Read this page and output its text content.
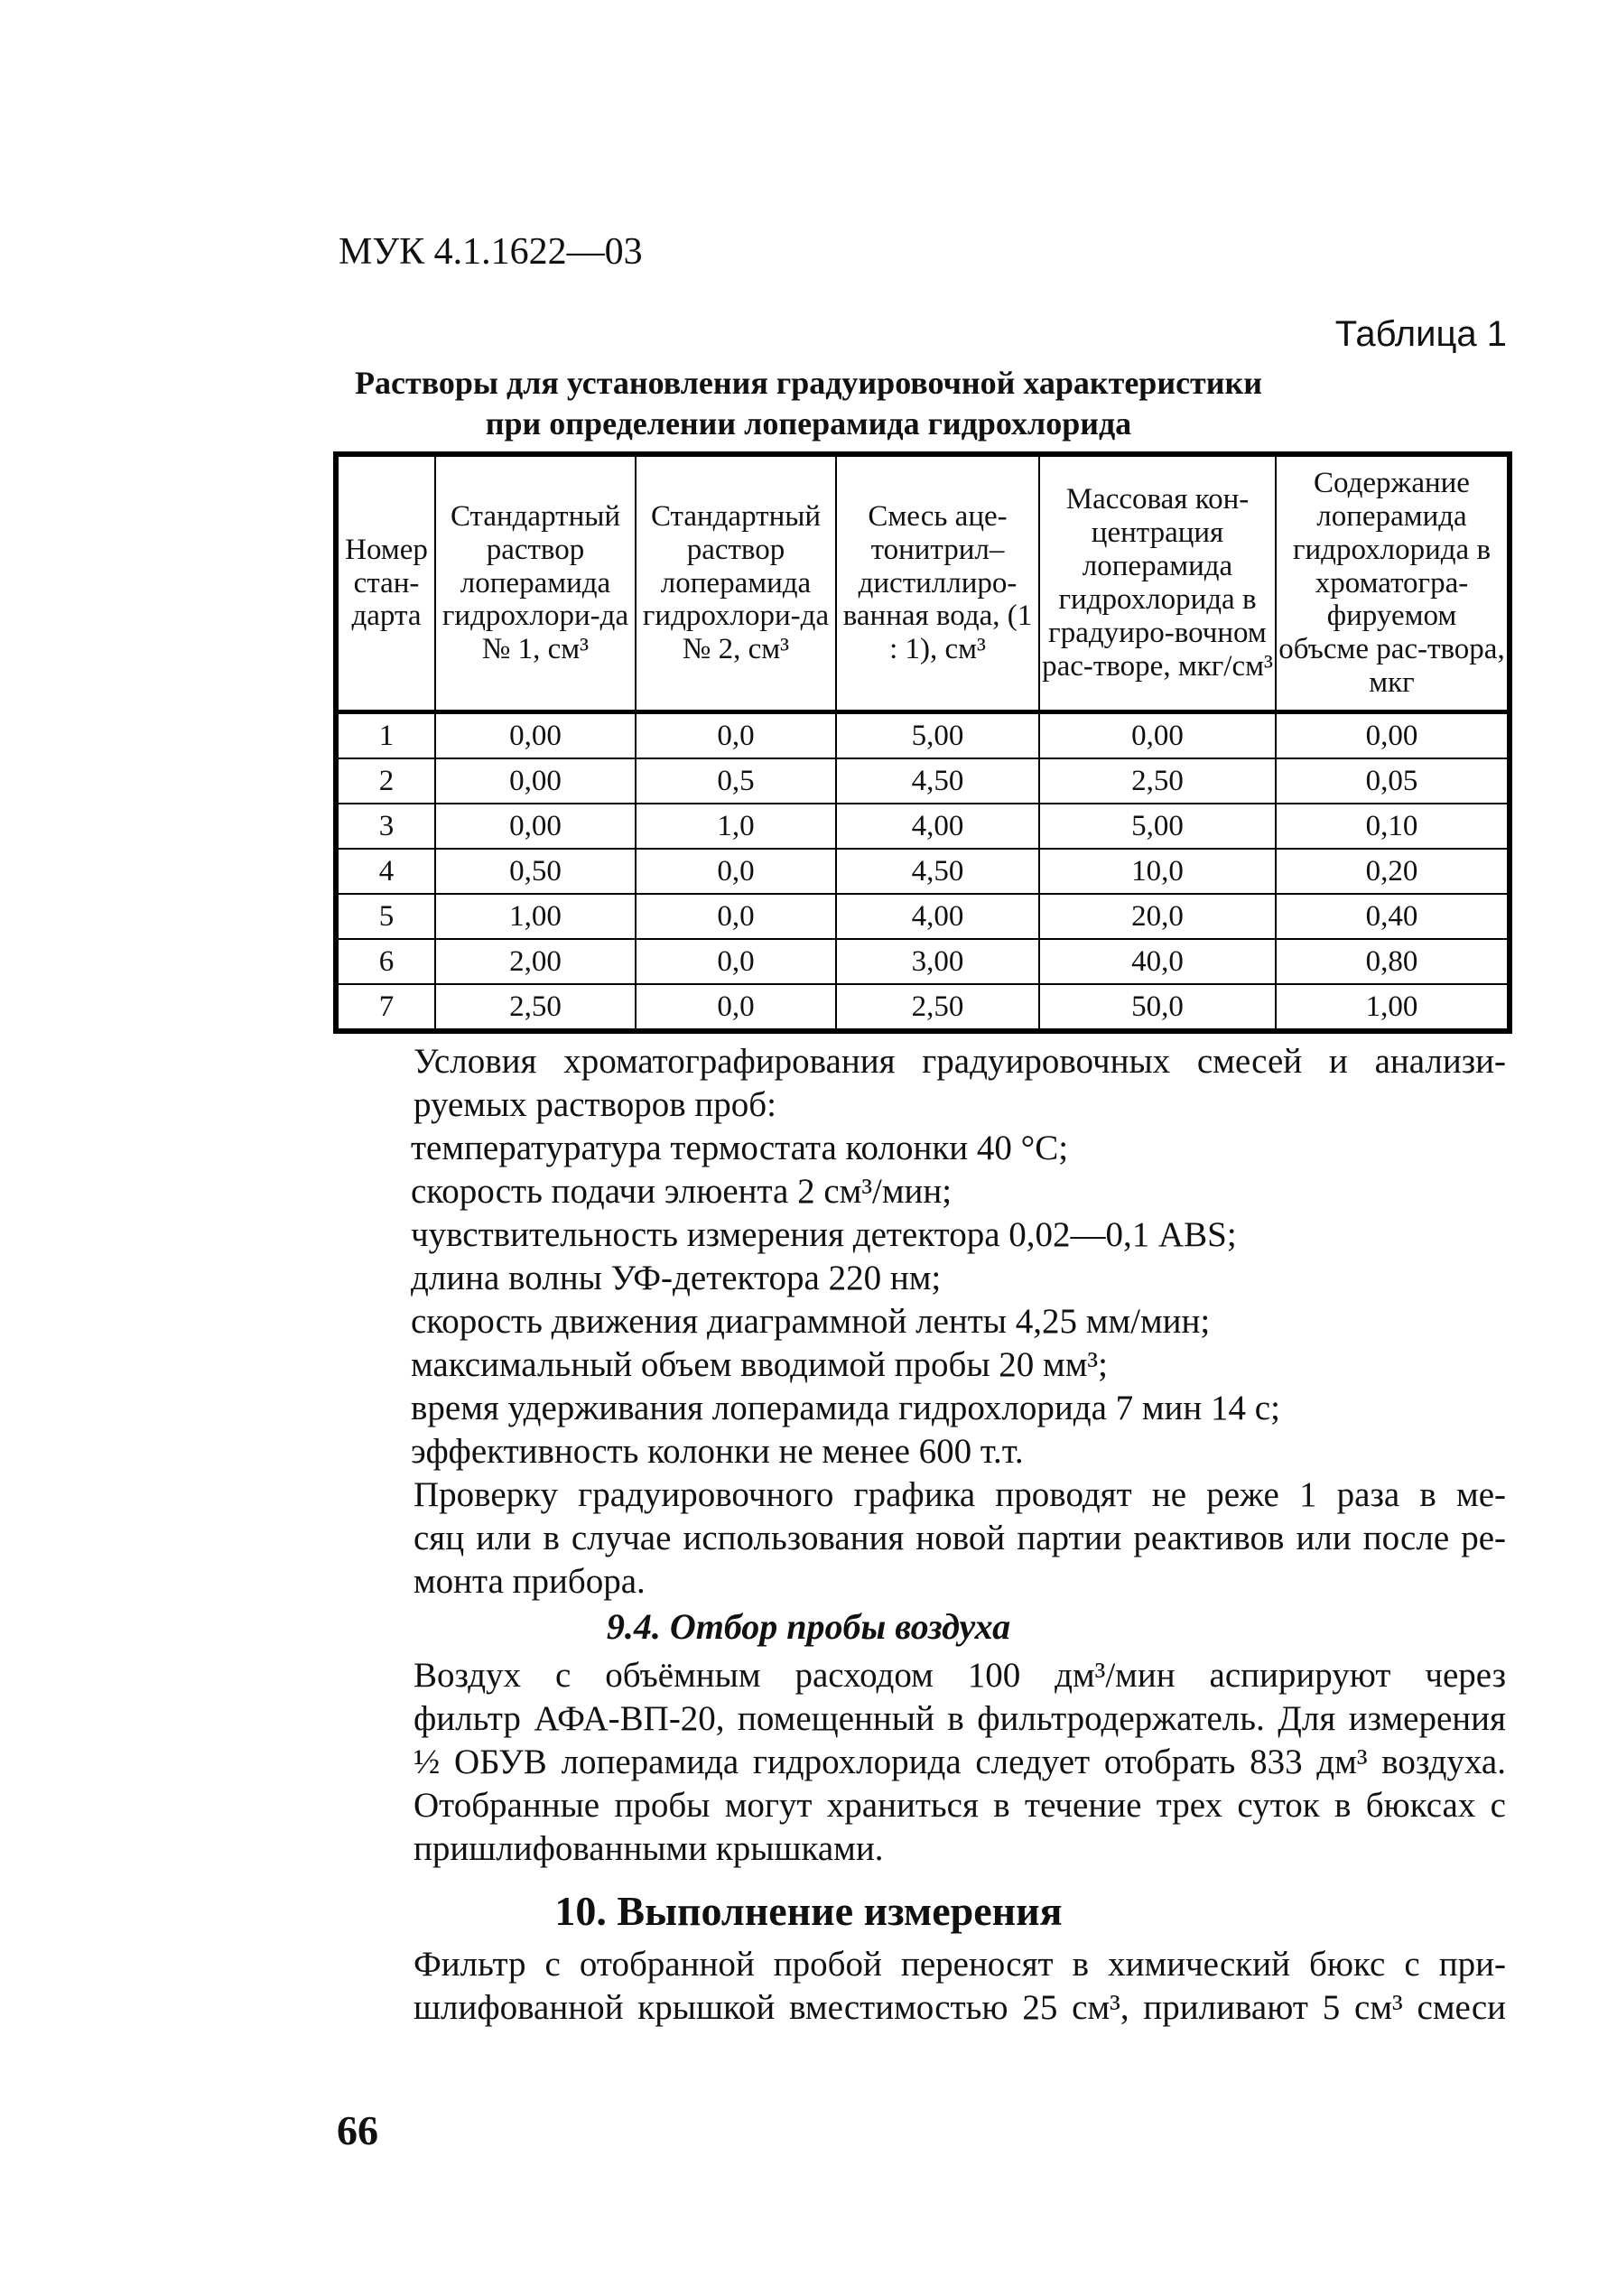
МУК 4.1.1622—03
Таблица 1
Растворы для установления градуировочной характеристики
при определении лоперамида гидрохлорида
Номер стан-дарта	Стандартный раствор лоперамида гидрохлори-да № 1, см³	Стандартный раствор лоперамида гидрохлори-да № 2, см³	Смесь аце-тонитрил–дистиллиро-ванная вода, (1 : 1), см³	Массовая кон-центрация лоперамида гидрохлорида в градуиро-вочном рас-творе, мкг/см³	Содержание лоперамида гидрохлорида в хроматогра-фируемом объсме рас-твора, мкг
1	0,00	0,0	5,00	0,00	0,00
2	0,00	0,5	4,50	2,50	0,05
3	0,00	1,0	4,00	5,00	0,10
4	0,50	0,0	4,50	10,0	0,20
5	1,00	0,0	4,00	20,0	0,40
6	2,00	0,0	3,00	40,0	0,80
7	2,50	0,0	2,50	50,0	1,00
Условия хроматографирования градуировочных смесей и анализи-
руемых растворов проб:
температуратура термостата колонки 40 °С;
скорость подачи элюента 2 см³/мин;
чувствительность измерения детектора 0,02—0,1 ABS;
длина волны УФ-детектора 220 нм;
скорость движения диаграммной ленты 4,25 мм/мин;
максимальный объем вводимой пробы 20 мм³;
время удерживания лоперамида гидрохлорида 7 мин 14 с;
эффективность колонки не менее 600 т.т.
Проверку градуировочного графика проводят не реже 1 раза в ме-
сяц или в случае использования новой партии реактивов или после ре-
монта прибора.
9.4. Отбор пробы воздуха
Воздух с объёмным расходом 100 дм³/мин аспирируют через
фильтр АФА-ВП-20, помещенный в фильтродержатель. Для измерения
½ ОБУВ лоперамида гидрохлорида следует отобрать 833 дм³ воздуха.
Отобранные пробы могут храниться в течение трех суток в бюксах с
пришлифованными крышками.
10. Выполнение измерения
Фильтр с отобранной пробой переносят в химический бюкс с при-
шлифованной крышкой вместимостью 25 см³, приливают 5 см³ смеси
66
